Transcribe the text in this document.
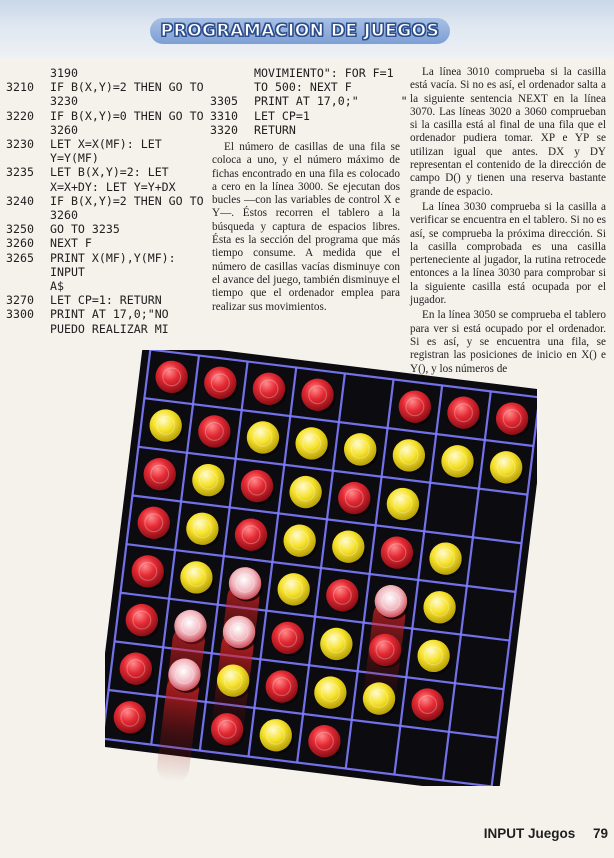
PROGRAMACION DE JUEGOS
3190
3210	IF B(X,Y)=2 THEN GO TO
3230
3220	IF B(X,Y)=0 THEN GO TO
3260
3230	LET X=X(MF): LET
Y=Y(MF)
3235	LET B(X,Y)=2: LET
X=X+DY: LET Y=Y+DX
3240	IF B(X,Y)=2 THEN GO TO
3260
3250	GO TO 3235
3260	NEXT F
3265	PRINT X(MF),Y(MF): INPUT
A$
3270	LET CP=1: RETURN
3300	PRINT AT 17,0;"NO
PUEDO REALIZAR MI
MOVIMIENTO": FOR F=1
TO 500: NEXT F
3305	PRINT AT 17,0;"      "
3310	LET CP=1
3320	RETURN

El número de casillas de una fila se coloca a uno, y el número máximo de fichas encontrado en una fila es colocado a cero en la línea 3000. Se ejecutan dos bucles —con las variables de control X e Y—. Éstos recorren el tablero a la búsqueda y captura de espacios libres. Ésta es la sección del programa que más tiempo consume. A medida que el número de casillas vacías disminuye con el avance del juego, también disminuye el tiempo que el ordenador emplea para realizar sus movimientos.

La línea 3010 comprueba si la casilla está vacía. Si no es así, el ordenador salta a la siguiente sentencia NEXT en la línea 3070. Las líneas 3020 a 3060 comprueban si la casilla está al final de una fila que el ordenador pudiera tomar. XP e YP se utilizan igual que antes. DX y DY representan el contenido de la dirección de campo D() y tienen una reserva bastante grande de espacio.

La línea 3030 comprueba si la casilla a verificar se encuentra en el tablero. Si no es así, se comprueba la próxima dirección. Si la casilla comprobada es una casilla perteneciente al jugador, la rutina retrocede entonces a la línea 3030 para comprobar si la siguiente casilla está ocupada por el jugador.

En la línea 3050 se comprueba el tablero para ver si está ocupado por el ordenador. Si es así, y se encuentra una fila, se registran las posiciones de inicio en X() e Y(), y los números de

INPUT Juegos 79
